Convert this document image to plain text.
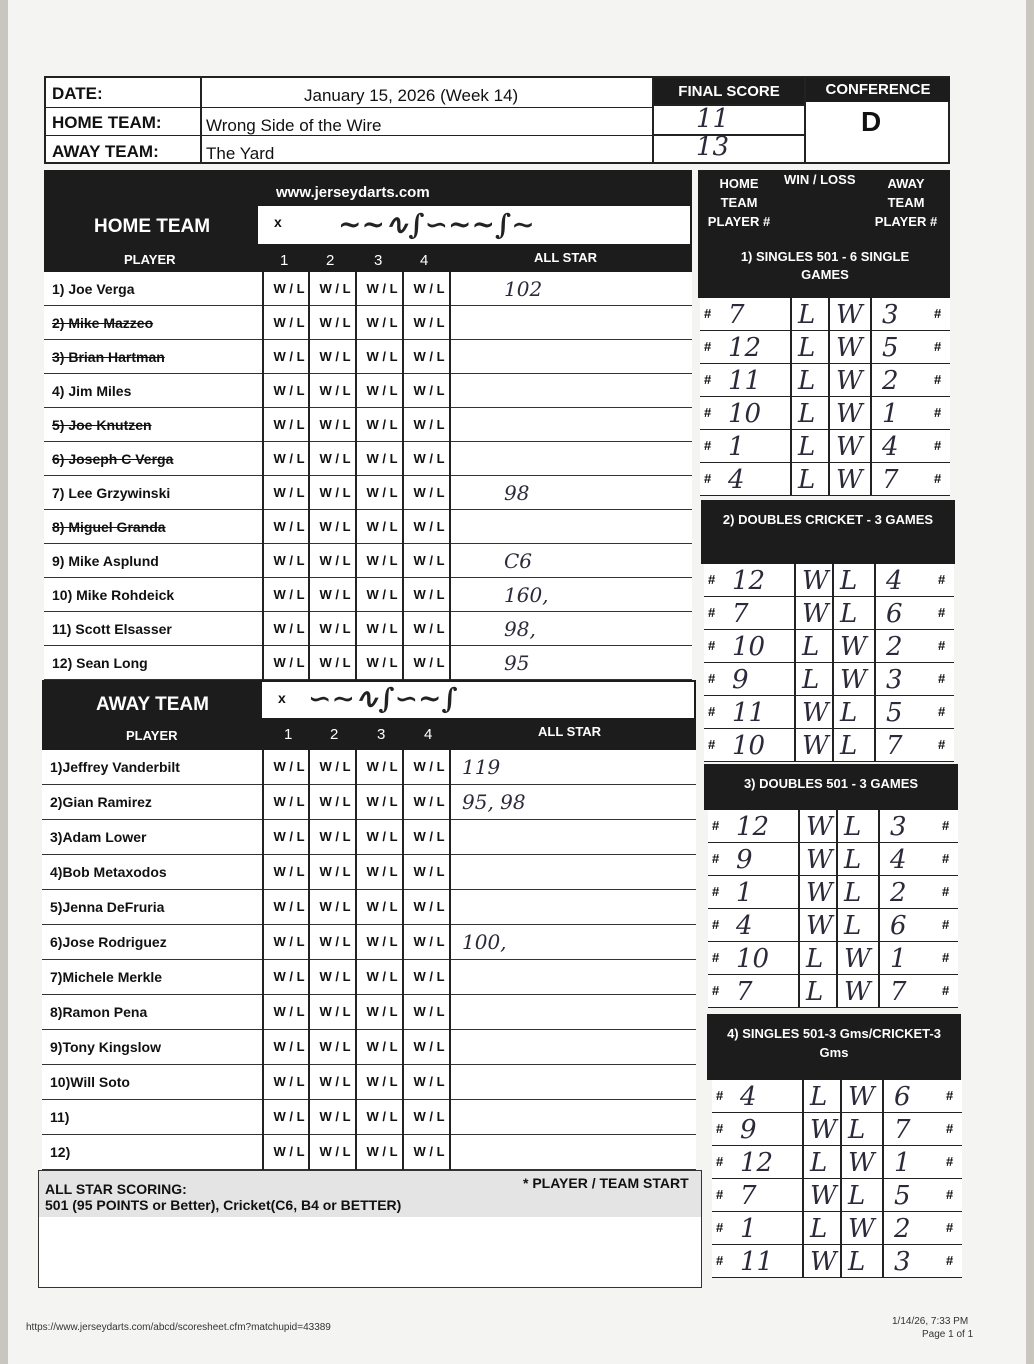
DATE:	January 15, 2026 (Week 14)
HOME TEAM:	Wrong Side of the Wire
AWAY TEAM:	The Yard
FINAL SCORE
11
13
CONFERENCE
D
www.jerseydarts.com
HOME TEAM	x ~~∿∫∽~~∫∼
PLAYER	1	2	3	4	ALL STAR
1) Joe Verga	W / L	W / L	W / L	W / L	102
2) Mike Mazzeo	W / L	W / L	W / L	W / L
3) Brian Hartman	W / L	W / L	W / L	W / L
4) Jim Miles	W / L	W / L	W / L	W / L
5) Joe Knutzen	W / L	W / L	W / L	W / L
6) Joseph C Verga	W / L	W / L	W / L	W / L
7) Lee Grzywinski	W / L	W / L	W / L	W / L	98
8) Miguel Granda	W / L	W / L	W / L	W / L
9) Mike Asplund	W / L	W / L	W / L	W / L	C6
10) Mike Rohdeick	W / L	W / L	W / L	W / L	160,
11) Scott Elsasser	W / L	W / L	W / L	W / L	98,
12) Sean Long	W / L	W / L	W / L	W / L	95
AWAY TEAM	x ∽∼∿∫∽~∫
PLAYER	1	2	3	4	ALL STAR
1)Jeffrey Vanderbilt	W / L	W / L	W / L	W / L 119
2)Gian Ramirez	W / L	W / L	W / L	W / L 95, 98
3)Adam Lower	W / L	W / L	W / L	W / L
4)Bob Metaxodos	W / L	W / L	W / L	W / L
5)Jenna DeFruria	W / L	W / L	W / L	W / L
6)Jose Rodriguez	W / L	W / L	W / L	W / L 100,
7)Michele Merkle	W / L	W / L	W / L	W / L
8)Ramon Pena	W / L	W / L	W / L	W / L
9)Tony Kingslow	W / L	W / L	W / L	W / L
10)Will Soto	W / L	W / L	W / L	W / L
11)	W / L	W / L	W / L	W / L
12)	W / L	W / L	W / L	W / L
ALL STAR SCORING:
501 (95 POINTS or Better), Cricket(C6, B4 or BETTER)
* PLAYER / TEAM START
https://www.jerseydarts.com/abcd/scoresheet.cfm?matchupid=43389
1/14/26, 7:33 PM
Page 1 of 1
HOME TEAM PLAYER #
WIN / LOSS	AWAY TEAM PLAYER #
1) SINGLES 501 - 6 SINGLE GAMES
# 7 L W 3	#
# 12 L W 5	#
# 11 L W 2	#
# 10 L W 1	#
# 1 L W 4	#
# 4 L W 7	#
2) DOUBLES CRICKET - 3 GAMES
# 12 W L 4	#
# 7 W L 6	#
# 10 L W 2	#
# 9 L W 3	#
# 11 W L 5	#
# 10 W L 7	#
3) DOUBLES 501 - 3 GAMES
# 12 W L 3	#
# 9 W L 4	#
# 1 W L 2	#
# 4 W L 6	#
# 10 L W 1	#
# 7 L W 7	#
4) SINGLES 501-3 Gms/CRICKET-3 Gms
# 4 L W 6	#
# 9 W L 7	#
# 12 L W 1	#
# 7 W L 5	#
# 1 L W 2	#
# 11 W L 3	#
